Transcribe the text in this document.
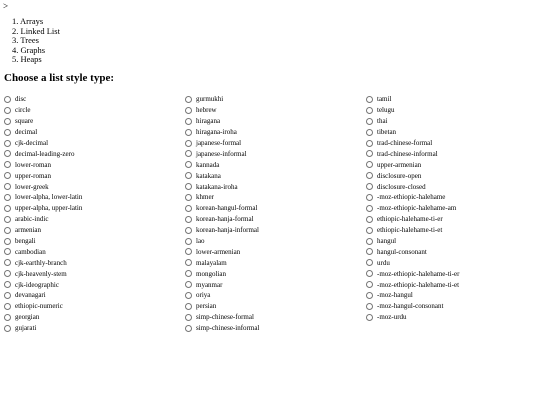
>
1. Arrays
2. Linked List
3. Trees
4. Graphs
5. Heaps
Choose a list style type:
disc
circle
square
decimal
cjk-decimal
decimal-leading-zero
lower-roman
upper-roman
lower-greek
lower-alpha, lower-latin
upper-alpha, upper-latin
arabic-indic
armenian
bengali
cambodian
cjk-earthly-branch
cjk-heavenly-stem
cjk-ideographic
devanagari
ethiopic-numeric
georgian
gujarati
gurmukhi
hebrew
hiragana
hiragana-iroha
japanese-formal
japanese-informal
kannada
katakana
katakana-iroha
khmer
korean-hangul-formal
korean-hanja-formal
korean-hanja-informal
lao
lower-armenian
malayalam
mongolian
myanmar
oriya
persian
simp-chinese-formal
simp-chinese-informal
tamil
telugu
thai
tibetan
trad-chinese-formal
trad-chinese-informal
upper-armenian
disclosure-open
disclosure-closed
-moz-ethiopic-halehame
-moz-ethiopic-halehame-am
ethiopic-halehame-ti-er
ethiopic-halehame-ti-et
hangul
hangul-consonant
urdu
-moz-ethiopic-halehame-ti-er
-moz-ethiopic-halehame-ti-et
-moz-hangul
-moz-hangul-consonant
-moz-urdu
